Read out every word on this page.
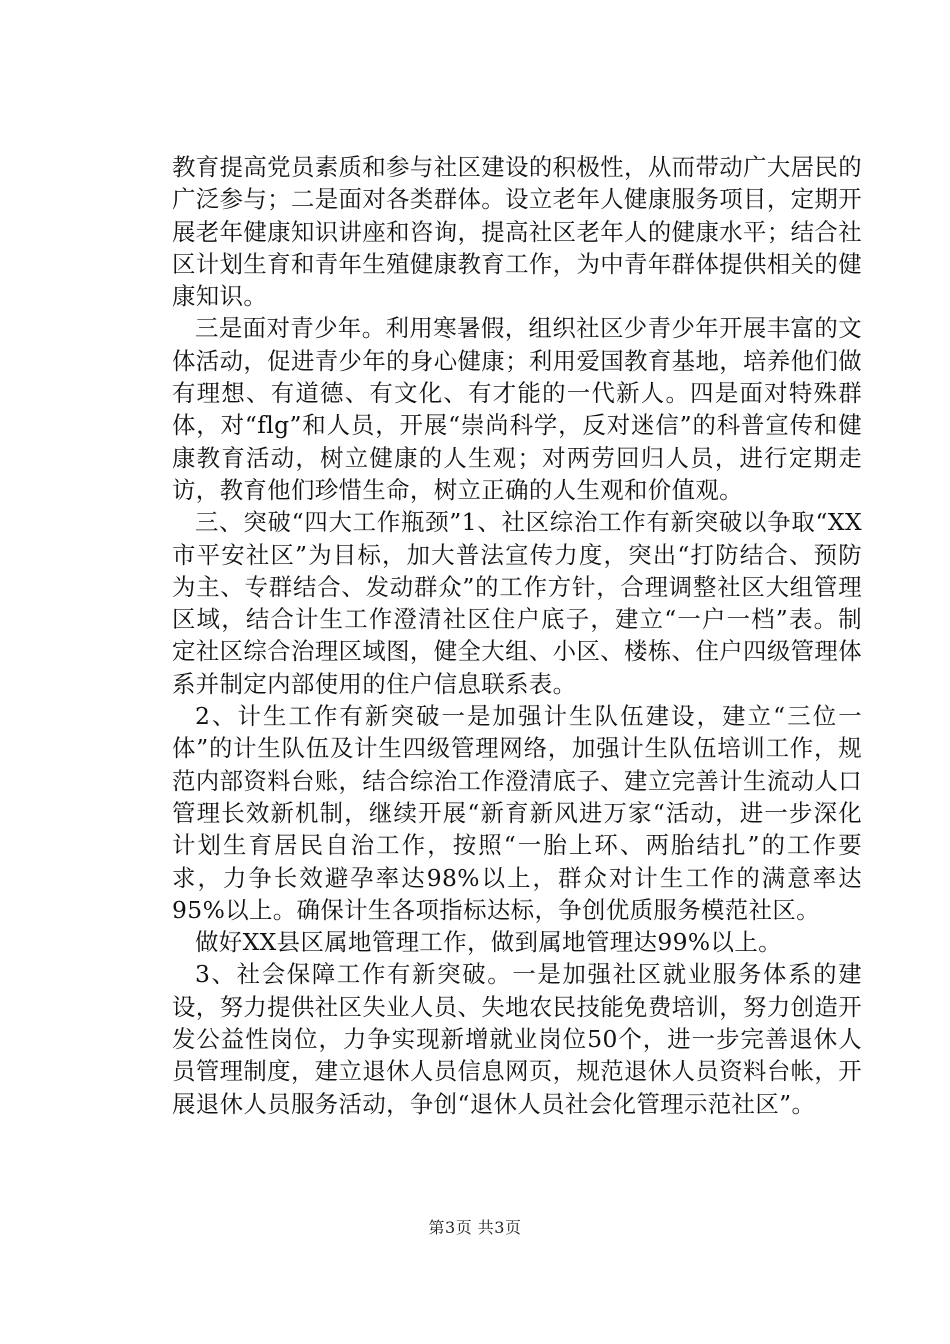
教育提高党员素质和参与社区建设的积极性，从而带动广大居民的广泛参与；二是面对各类群体。设立老年人健康服务项目，定期开展老年健康知识讲座和咨询，提高社区老年人的健康水平；结合社区计划生育和青年生殖健康教育工作，为中青年群体提供相关的健康知识。

三是面对青少年。利用寒暑假，组织社区少青少年开展丰富的文体活动，促进青少年的身心健康；利用爱国教育基地，培养他们做有理想、有道德、有文化、有才能的一代新人。四是面对特殊群体，对“flg”和人员，开展“崇尚科学，反对迷信”的科普宣传和健康教育活动，树立健康的人生观；对两劳回归人员，进行定期走访，教育他们珍惜生命，树立正确的人生观和价值观。

三、突破“四大工作瓶颈”1、社区综治工作有新突破以争取“XX市平安社区”为目标，加大普法宣传力度，突出“打防结合、预防为主、专群结合、发动群众”的工作方针，合理调整社区大组管理区域，结合计生工作澄清社区住户底子，建立“一户一档”表。制定社区综合治理区域图，健全大组、小区、楼栋、住户四级管理体系并制定内部使用的住户信息联系表。

2、计生工作有新突破一是加强计生队伍建设，建立“三位一体”的计生队伍及计生四级管理网络，加强计生队伍培训工作，规范内部资料台账，结合综治工作澄清底子、建立完善计生流动人口管理长效新机制，继续开展“新育新风进万家“活动，进一步深化计划生育居民自治工作，按照“一胎上环、两胎结扎”的工作要求，力争长效避孕率达98%以上，群众对计生工作的满意率达95%以上。确保计生各项指标达标，争创优质服务模范社区。

做好XX县区属地管理工作，做到属地管理达99%以上。

3、社会保障工作有新突破。一是加强社区就业服务体系的建设，努力提供社区失业人员、失地农民技能免费培训，努力创造开发公益性岗位，力争实现新增就业岗位50个，进一步完善退休人员管理制度，建立退休人员信息网页，规范退休人员资料台帐，开展退休人员服务活动，争创“退休人员社会化管理示范社区”。

第3页 共3页
